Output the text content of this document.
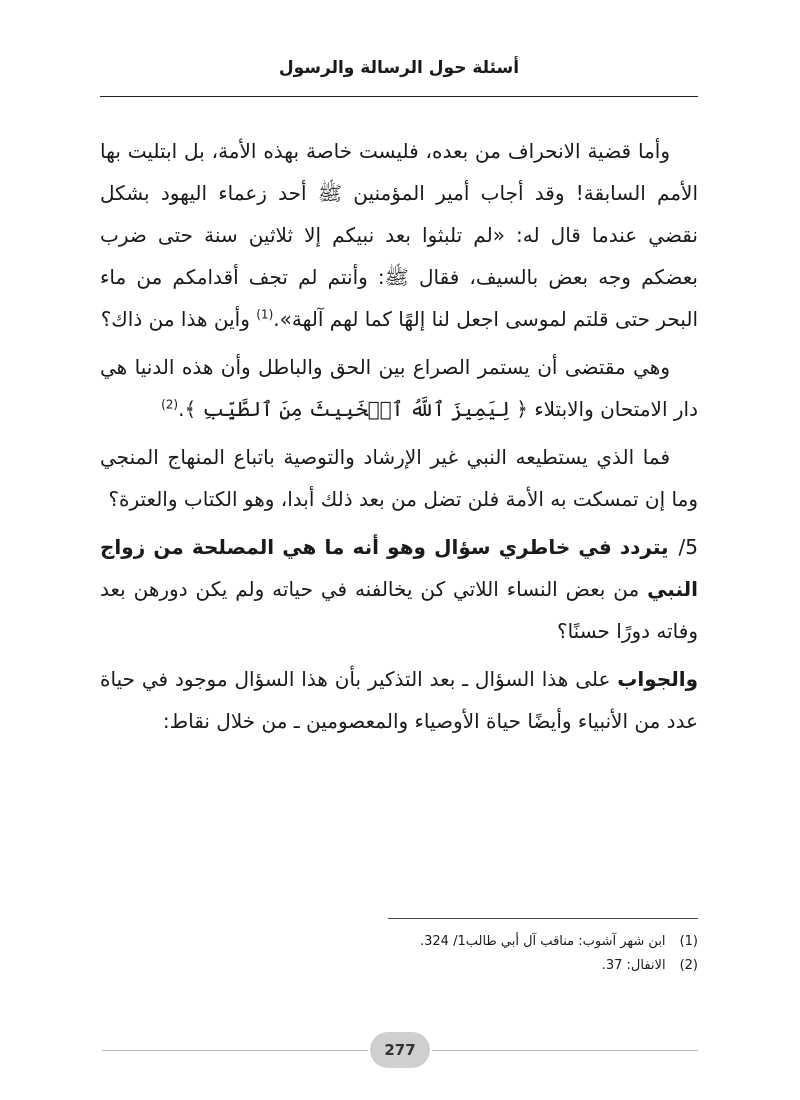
أسئلة حول الرسالة والرسول

وأما قضية الانحراف من بعده، فليست خاصة بهذه الأمة، بل ابتليت بها الأمم السابقة! وقد أجاب أمير المؤمنين ﷺ أحد زعماء اليهود بشكل نقضي عندما قال له: «لم تلبثوا بعد نبيكم إلا ثلاثين سنة حتى ضرب بعضكم وجه بعض بالسيف، فقال ﷺ: وأنتم لم تجف أقدامكم من ماء البحر حتى قلتم لموسى اجعل لنا إلهًا كما لهم آلهة».$^{(1)}$ وأين هذا من ذاك؟

وهي مقتضى أن يستمر الصراع بين الحق والباطل وأن هذه الدنيا هي دار الامتحان والابتلاء ﴿ لِيَمِيزَ ٱللَّهُ ٱلۡخَبِيثَ مِنَ ٱلطَّيِّبِ ﴾.$^{(2)}$

فما الذي يستطيعه النبي غير الإرشاد والتوصية باتباع المنهاج المنجي وما إن تمسكت به الأمة فلن تضل من بعد ذلك أبدا، وهو الكتاب والعترة؟

5/ يتردد في خاطري سؤال وهو أنه ما هي المصلحة من زواج النبي من بعض النساء اللاتي كن يخالفنه في حياته ولم يكن دورهن بعد وفاته دورًا حسنًا؟

والجواب على هذا السؤال ـ بعد التذكير بأن هذا السؤال موجود في حياة عدد من الأنبياء وأيضًا حياة الأوصياء والمعصومين ـ من خلال نقاط:

(1)ابن شهر آشوب: مناقب آل أبي طالب1/ 324.
(2)الانفال: 37.
277
